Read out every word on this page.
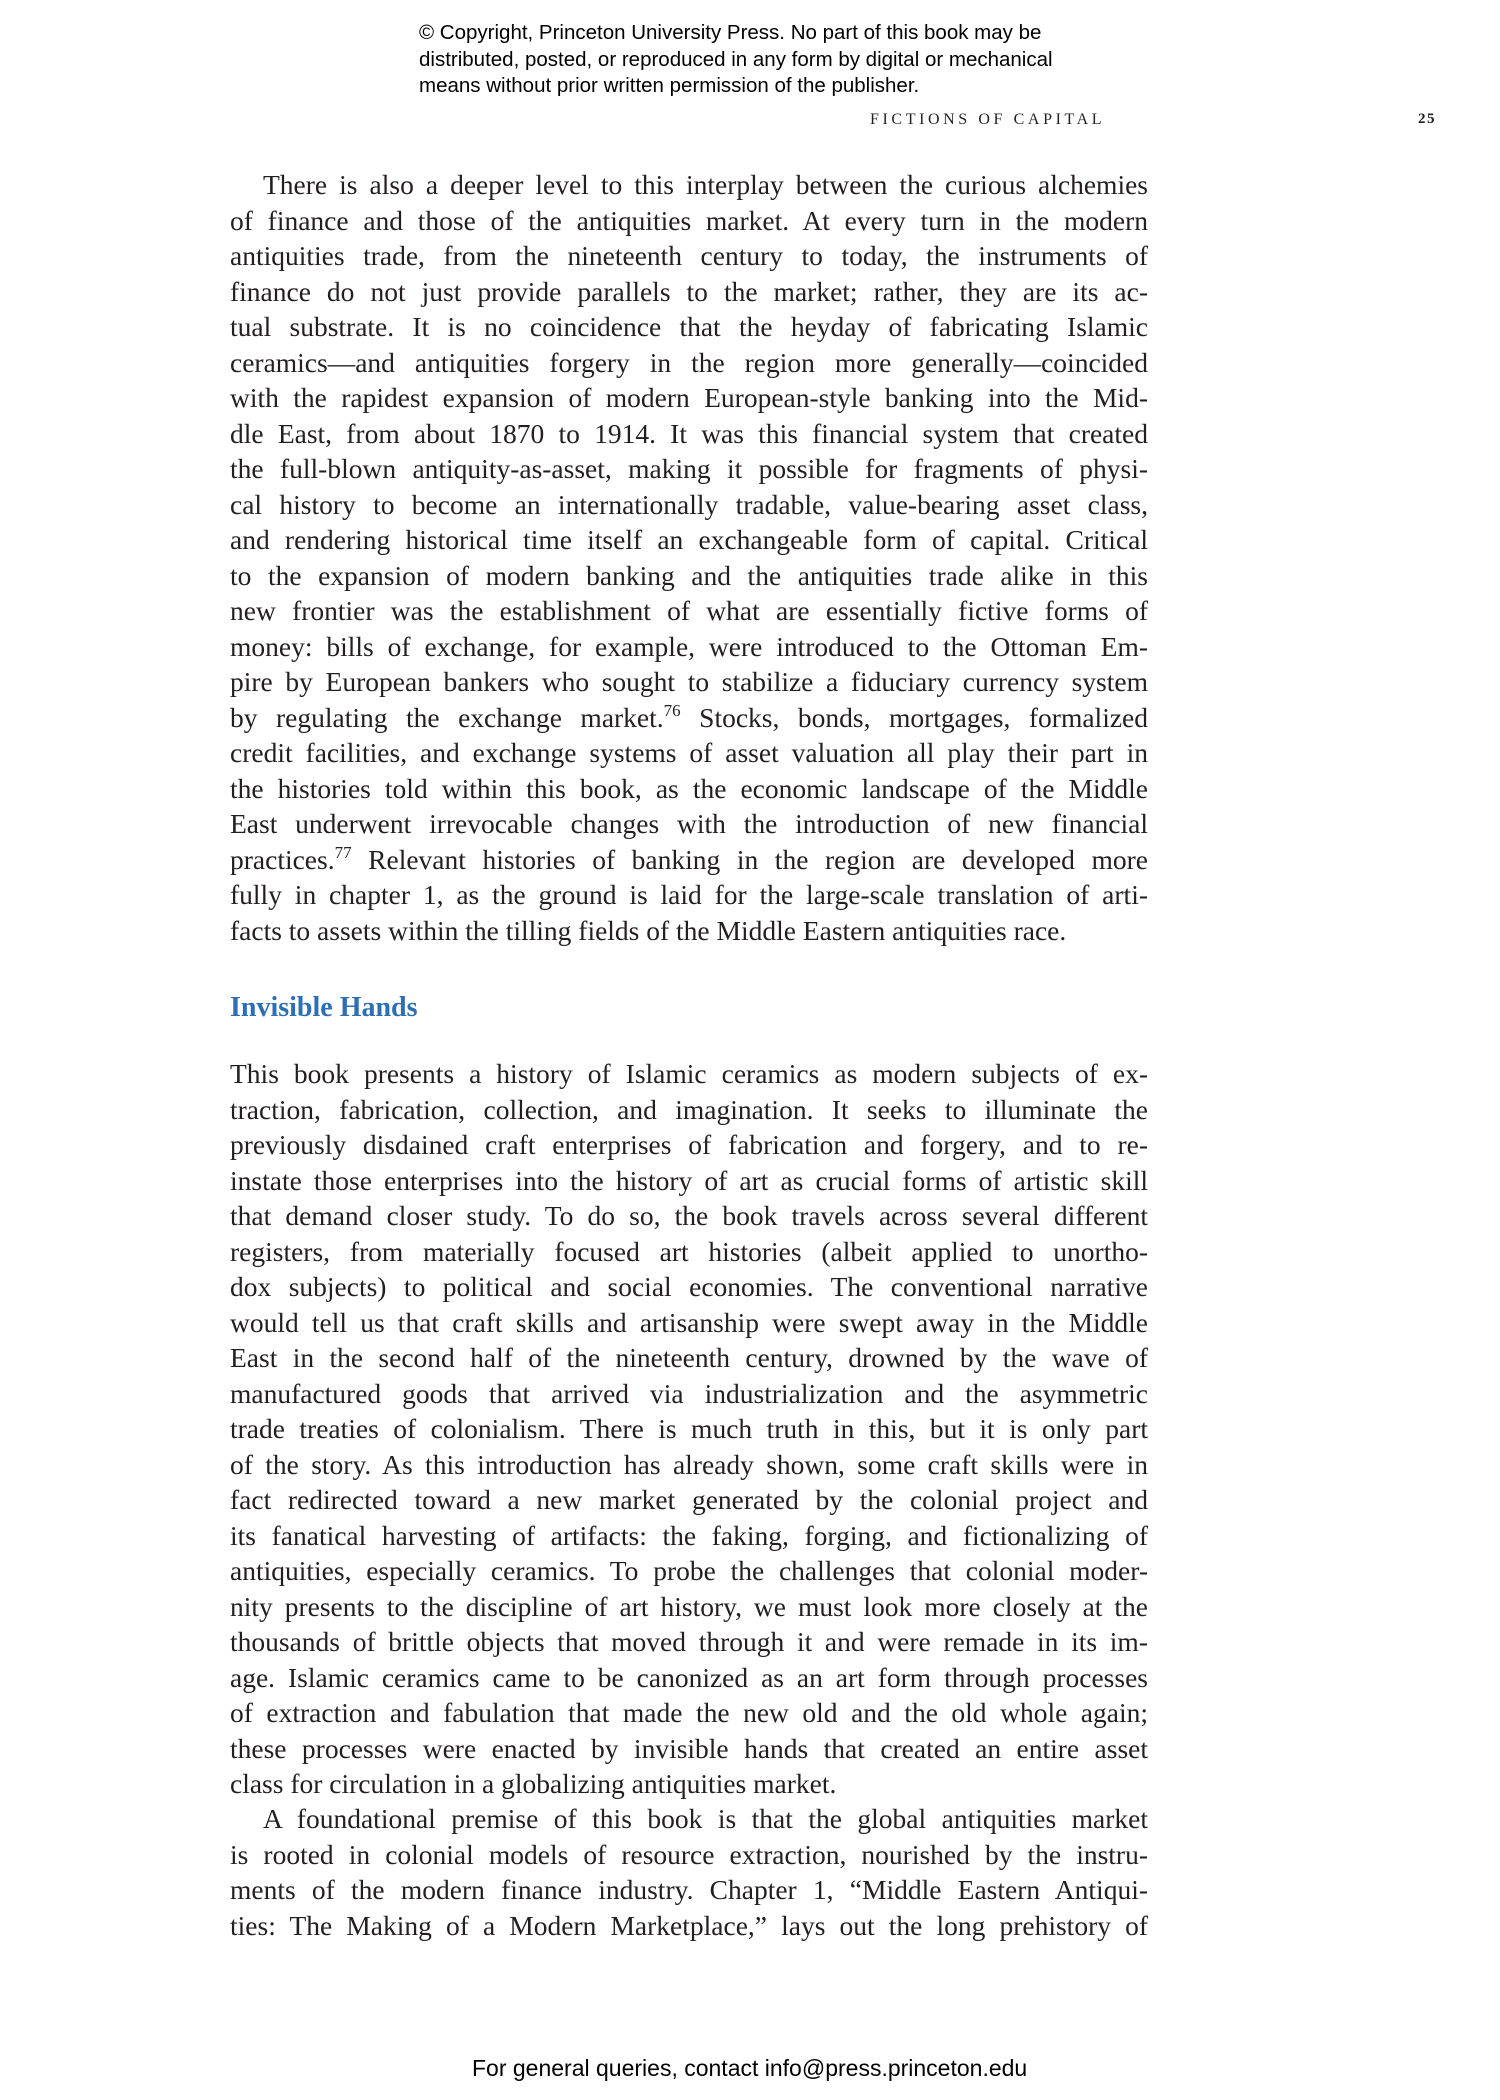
© Copyright, Princeton University Press. No part of this book may be
distributed, posted, or reproduced in any form by digital or mechanical
means without prior written permission of the publisher.
FICTIONS OF CAPITAL	25
There is also a deeper level to this interplay between the curious alchemies
of finance and those of the antiquities market. At every turn in the modern
antiquities trade, from the nineteenth century to today, the instruments of
finance do not just provide parallels to the market; rather, they are its ac-
tual substrate. It is no coincidence that the heyday of fabricating Islamic
ceramics—and antiquities forgery in the region more generally—coincided
with the rapidest expansion of modern European-style banking into the Mid-
dle East, from about 1870 to 1914. It was this financial system that created
the full-blown antiquity-as-asset, making it possible for fragments of physi-
cal history to become an internationally tradable, value-bearing asset class,
and rendering historical time itself an exchangeable form of capital. Critical
to the expansion of modern banking and the antiquities trade alike in this
new frontier was the establishment of what are essentially fictive forms of
money: bills of exchange, for example, were introduced to the Ottoman Em-
pire by European bankers who sought to stabilize a fiduciary currency system
by regulating the exchange market.$^{76}$ Stocks, bonds, mortgages, formalized
credit facilities, and exchange systems of asset valuation all play their part in
the histories told within this book, as the economic landscape of the Middle
East underwent irrevocable changes with the introduction of new financial
practices.$^{77}$ Relevant histories of banking in the region are developed more
fully in chapter 1, as the ground is laid for the large-scale translation of arti-
facts to assets within the tilling fields of the Middle Eastern antiquities race.
Invisible Hands
This book presents a history of Islamic ceramics as modern subjects of ex-
traction, fabrication, collection, and imagination. It seeks to illuminate the
previously disdained craft enterprises of fabrication and forgery, and to re-
instate those enterprises into the history of art as crucial forms of artistic skill
that demand closer study. To do so, the book travels across several different
registers, from materially focused art histories (albeit applied to unortho-
dox subjects) to political and social economies. The conventional narrative
would tell us that craft skills and artisanship were swept away in the Middle
East in the second half of the nineteenth century, drowned by the wave of
manufactured goods that arrived via industrialization and the asymmetric
trade treaties of colonialism. There is much truth in this, but it is only part
of the story. As this introduction has already shown, some craft skills were in
fact redirected toward a new market generated by the colonial project and
its fanatical harvesting of artifacts: the faking, forging, and fictionalizing of
antiquities, especially ceramics. To probe the challenges that colonial moder-
nity presents to the discipline of art history, we must look more closely at the
thousands of brittle objects that moved through it and were remade in its im-
age. Islamic ceramics came to be canonized as an art form through processes
of extraction and fabulation that made the new old and the old whole again;
these processes were enacted by invisible hands that created an entire asset
class for circulation in a globalizing antiquities market.
A foundational premise of this book is that the global antiquities market
is rooted in colonial models of resource extraction, nourished by the instru-
ments of the modern finance industry. Chapter 1, “Middle Eastern Antiqui-
ties: The Making of a Modern Marketplace,” lays out the long prehistory of
For general queries, contact info@press.princeton.edu
